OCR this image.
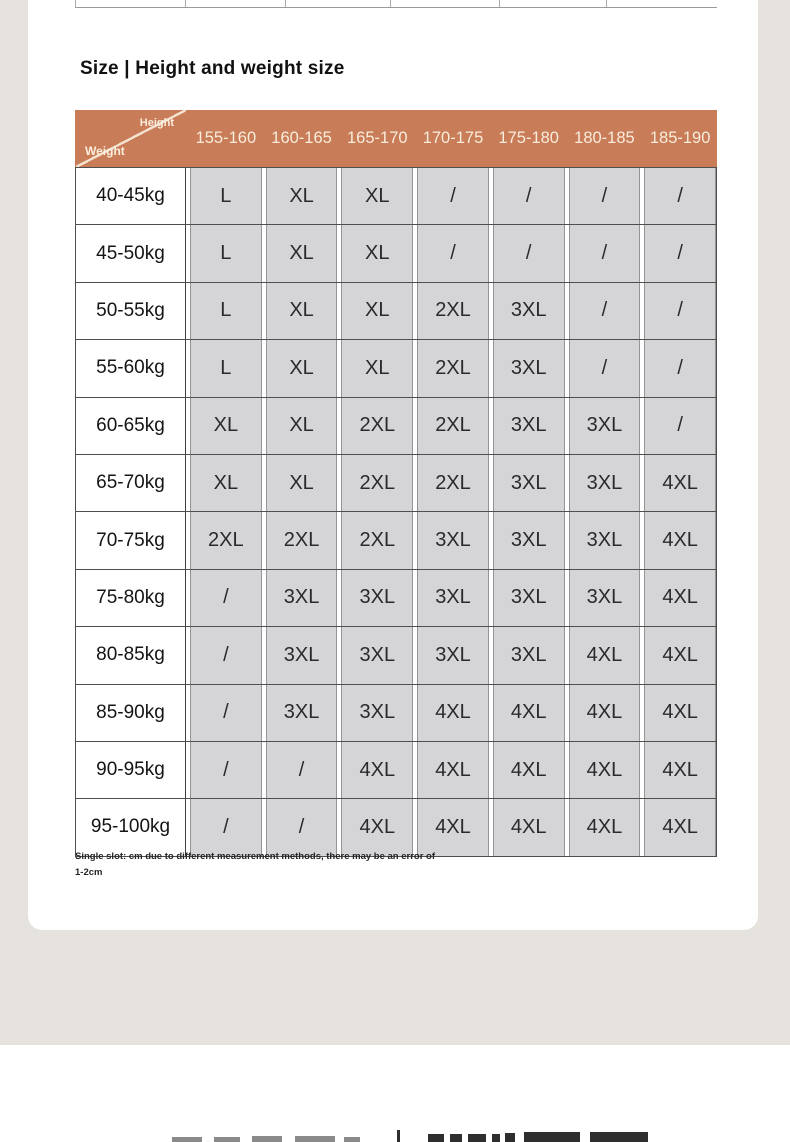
Size | Height and weight size
Height
Weight
155-160 160-165 165-170 170-175 175-180 180-185 185-190
40-45kg	L	XL	XL	/	/	/	/
45-50kg	L	XL	XL	/	/	/	/
50-55kg	L	XL	XL	2XL	3XL	/	/
55-60kg	L	XL	XL	2XL	3XL	/	/
60-65kg	XL	XL	2XL	2XL	3XL	3XL	/
65-70kg	XL	XL	2XL	2XL	3XL	3XL	4XL
70-75kg	2XL	2XL	2XL	3XL	3XL	3XL	4XL
75-80kg	/	3XL	3XL	3XL	3XL	3XL	4XL
80-85kg	/	3XL	3XL	3XL	3XL	4XL	4XL
85-90kg	/	3XL	3XL	4XL	4XL	4XL	4XL
90-95kg	/	/	4XL	4XL	4XL	4XL	4XL
95-100kg	/	/	4XL	4XL	4XL	4XL	4XL
Single slot: cm due to different measurement methods, there may be an error of
1-2cm
